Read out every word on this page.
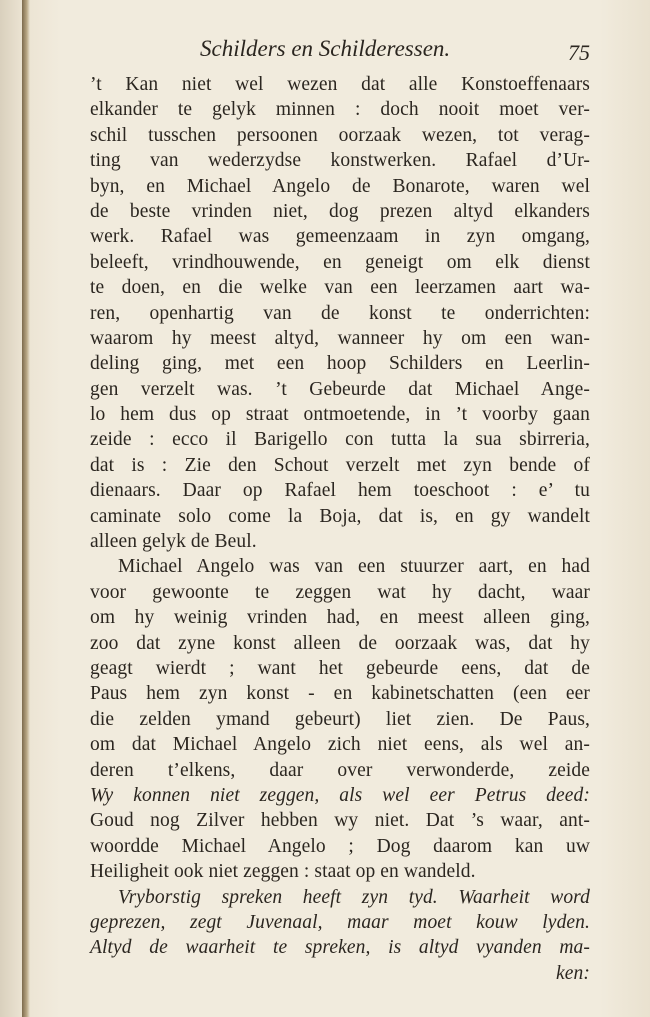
Schilders en Schilderessen.	75
’t Kan niet wel wezen dat alle Konstoeffenaars
elkander te gelyk minnen : doch nooit moet ver-
schil tusschen persoonen oorzaak wezen, tot verag-
ting van wederzydse konstwerken. Rafael d’Ur-
byn, en Michael Angelo de Bonarote, waren wel
de beste vrinden niet, dog prezen altyd elkanders
werk. Rafael was gemeenzaam in zyn omgang,
beleeft, vrindhouwende, en geneigt om elk dienst
te doen, en die welke van een leerzamen aart wa-
ren, openhartig van de konst te onderrichten:
waarom hy meest altyd, wanneer hy om een wan-
deling ging, met een hoop Schilders en Leerlin-
gen verzelt was. ’t Gebeurde dat Michael Ange-
lo hem dus op straat ontmoetende, in ’t voorby gaan
zeide : ecco il Barigello con tutta la sua sbirreria,
dat is : Zie den Schout verzelt met zyn bende of
dienaars. Daar op Rafael hem toeschoot : e’ tu
caminate solo come la Boja, dat is, en gy wandelt
alleen gelyk de Beul.
Michael Angelo was van een stuurzer aart, en had
voor gewoonte te zeggen wat hy dacht, waar
om hy weinig vrinden had, en meest alleen ging,
zoo dat zyne konst alleen de oorzaak was, dat hy
geagt wierdt ; want het gebeurde eens, dat de
Paus hem zyn konst - en kabinetschatten (een eer
die zelden ymand gebeurt) liet zien. De Paus,
om dat Michael Angelo zich niet eens, als wel an-
deren t’elkens, daar over verwonderde, zeide
Wy konnen niet zeggen, als wel eer Petrus deed:
Goud nog Zilver hebben wy niet. Dat ’s waar, ant-
woordde Michael Angelo ; Dog daarom kan uw
Heiligheit ook niet zeggen : staat op en wandeld.
Vryborstig spreken heeft zyn tyd. Waarheit word
geprezen, zegt Juvenaal, maar moet kouw lyden.
Altyd de waarheit te spreken, is altyd vyanden ma-
ken:
